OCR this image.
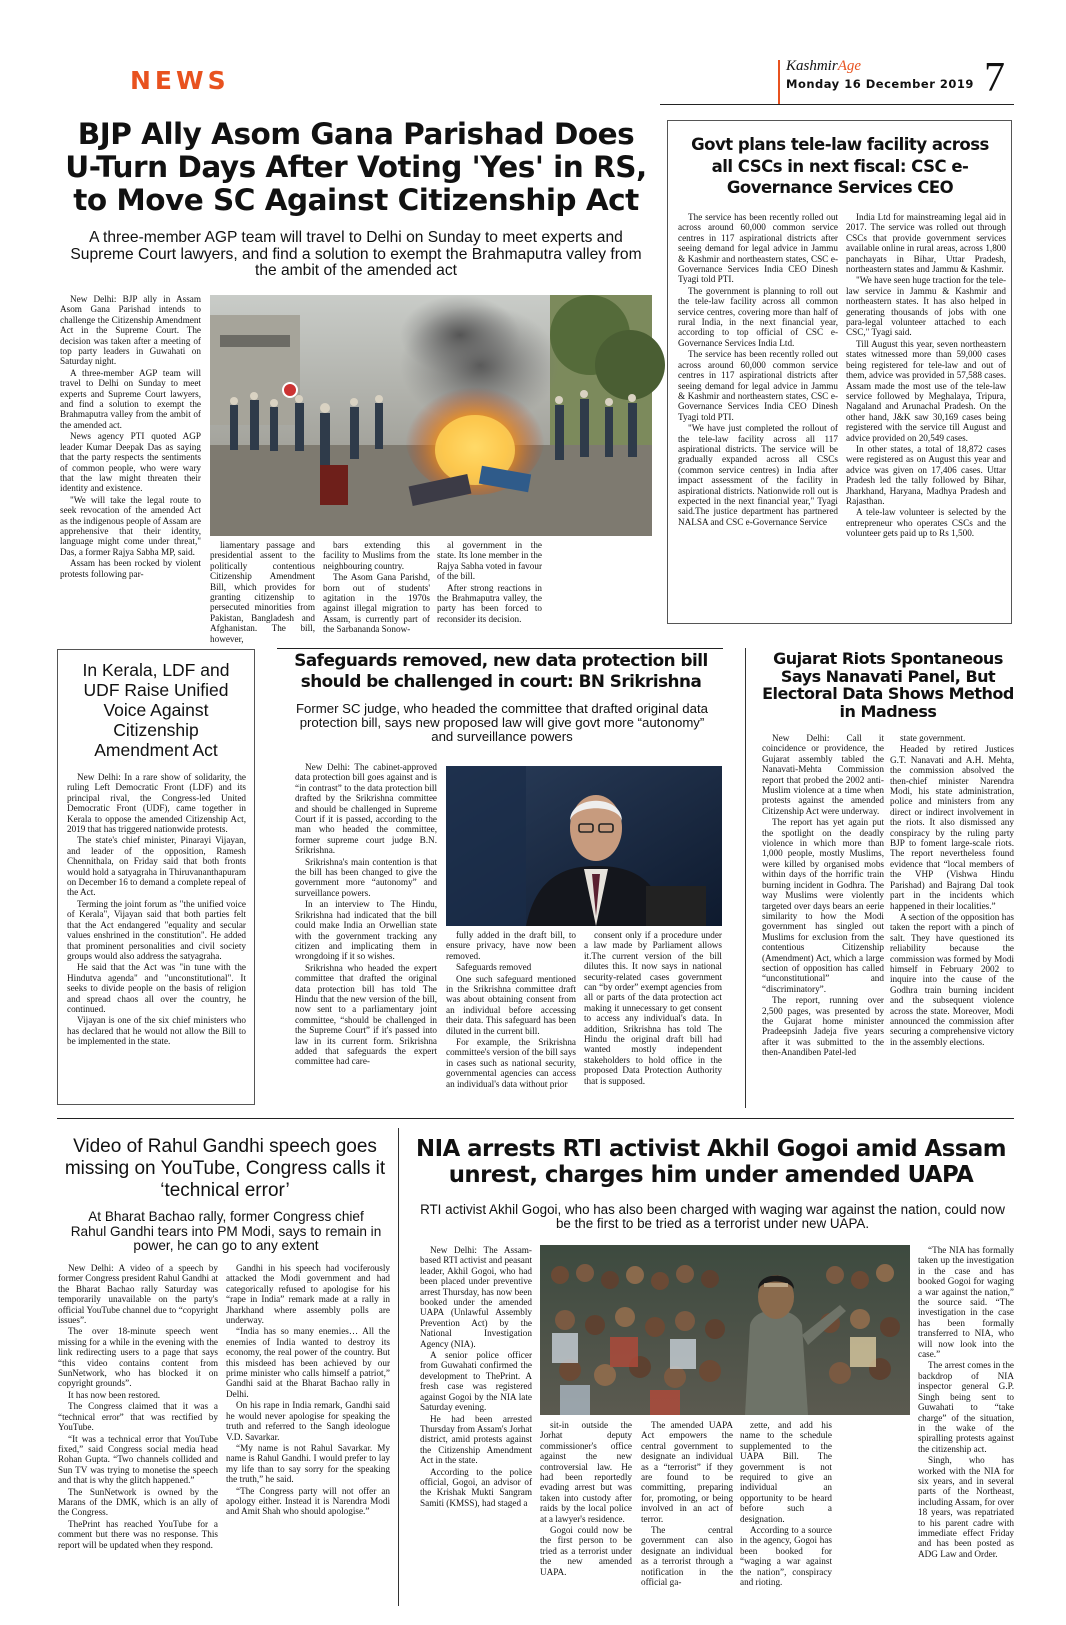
NEWS	KashmirAge
Monday 16 December 2019 7
BJP Ally Asom Gana Parishad Does U-Turn Days After Voting 'Yes' in RS, to Move SC Against Citizenship Act
A three-member AGP team will travel to Delhi on Sunday to meet experts and Supreme Court lawyers, and find a solution to exempt the Brahmaputra valley from the ambit of the amended act

New Delhi: BJP ally in Assam Asom Gana Parishad intends to challenge the Citizenship Amendment Act in the Supreme Court. The decision was taken after a meeting of top party leaders in Guwahati on Saturday night.

A three-member AGP team will travel to Delhi on Sunday to meet experts and Supreme Court lawyers, and find a solution to exempt the Brahmaputra valley from the ambit of the amended act.

News agency PTI quoted AGP leader Kumar Deepak Das as saying that the party respects the sentiments of common people, who were wary that the law might threaten their identity and existence.

"We will take the legal route to seek revocation of the amended Act as the indigenous people of Assam are apprehensive that their identity, language might come under threat," Das, a former Rajya Sabha MP, said.

Assam has been rocked by violent protests following par-

liamentary passage and presidential assent to the politically contentious Citizenship Amendment Bill, which provides for granting citizenship to persecuted minorities from Pakistan, Bangladesh and Afghanistan. The bill, however,

bars extending this facility to Muslims from the neighbouring country.

The Asom Gana Parishd, born out of students' agitation in the 1970s against illegal migration to Assam, is currently part of the Sarbananda Sonow-

al government in the state. Its lone member in the Rajya Sabha voted in favour of the bill.

After strong reactions in the Brahmaputra valley, the party has been forced to reconsider its decision.

Govt plans tele-law facility across all CSCs in next fiscal: CSC e-Governance Services CEO

The service has been recently rolled out across around 60,000 common service centres in 117 aspirational districts after seeing demand for legal advice in Jammu & Kashmir and northeastern states, CSC e-Governance Services India CEO Dinesh Tyagi told PTI.

The government is planning to roll out the tele-law facility across all common service centres, covering more than half of rural India, in the next financial year, according to top official of CSC e-Governance Services India Ltd.

The service has been recently rolled out across around 60,000 common service centres in 117 aspirational districts after seeing demand for legal advice in Jammu & Kashmir and northeastern states, CSC e-Governance Services India CEO Dinesh Tyagi told PTI.

"We have just completed the rollout of the tele-law facility across all 117 aspirational districts. The service will be gradually expanded across all CSCs (common service centres) in India after impact assessment of the facility in aspirational districts. Nationwide roll out is expected in the next financial year," Tyagi said.The justice department has partnered NALSA and CSC e-Governance Service

India Ltd for mainstreaming legal aid in 2017. The service was rolled out through CSCs that provide government services available online in rural areas, across 1,800 panchayats in Bihar, Uttar Pradesh, northeastern states and Jammu & Kashmir.

"We have seen huge traction for the tele-law service in Jammu & Kashmir and northeastern states. It has also helped in generating thousands of jobs with one para-legal volunteer attached to each CSC," Tyagi said.

Till August this year, seven northeastern states witnessed more than 59,000 cases being registered for tele-law and out of them, advice was provided in 57,588 cases. Assam made the most use of the tele-law service followed by Meghalaya, Tripura, Nagaland and Arunachal Pradesh. On the other hand, J&K saw 30,169 cases being registered with the service till August and advice provided on 20,549 cases.

In other states, a total of 18,872 cases were registered as on August this year and advice was given on 17,406 cases. Uttar Pradesh led the tally followed by Bihar, Jharkhand, Haryana, Madhya Pradesh and Rajasthan.

A tele-law volunteer is selected by the entrepreneur who operates CSCs and the volunteer gets paid up to Rs 1,500.

In Kerala, LDF and UDF Raise Unified Voice Against Citizenship Amendment Act

New Delhi: In a rare show of solidarity, the ruling Left Democratic Front (LDF) and its principal rival, the Congress-led United Democratic Front (UDF), came together in Kerala to oppose the amended Citizenship Act, 2019 that has triggered nationwide protests.

The state's chief minister, Pinarayi Vijayan, and leader of the opposition, Ramesh Chennithala, on Friday said that both fronts would hold a satyagraha in Thiruvananthapuram on December 16 to demand a complete repeal of the Act.

Terming the joint forum as "the unified voice of Kerala", Vijayan said that both parties felt that the Act endangered "equality and secular values enshrined in the constitution". He added that prominent personalities and civil society groups would also address the satyagraha.

He said that the Act was "in tune with the Hindutva agenda" and "unconstitutional". It seeks to divide people on the basis of religion and spread chaos all over the country, he continued.

Vijayan is one of the six chief ministers who has declared that he would not allow the Bill to be implemented in the state.

Safeguards removed, new data protection bill should be challenged in court: BN Srikrishna
Former SC judge, who headed the committee that drafted original data protection bill, says new proposed law will give govt more “autonomy” and surveillance powers

New Delhi: The cabinet-approved data protection bill goes against and is “in contrast” to the data protection bill drafted by the Srikrishna committee and should be challenged in Supreme Court if it is passed, according to the man who headed the committee, former supreme court judge B.N. Srikrishna.

Srikrishna's main contention is that the bill has been changed to give the government more “autonomy” and surveillance powers.

In an interview to The Hindu, Srikrishna had indicated that the bill could make India an Orwellian state with the government tracking any citizen and implicating them in wrongdoing if it so wishes.

Srikrishna who headed the expert committee that drafted the original data protection bill has told The Hindu that the new version of the bill, now sent to a parliamentary joint committee, “should be challenged in the Supreme Court” if it's passed into law in its current form. Srikrishna added that safeguards the expert committee had care-

fully added in the draft bill, to ensure privacy, have now been removed.

Safeguards removed

One such safeguard mentioned in the Srikrishna committee draft was about obtaining consent from an individual before accessing their data. This safeguard has been diluted in the current bill.

For example, the Srikrishna committee's version of the bill says in cases such as national security, governmental agencies can access an individual's data without prior

consent only if a procedure under a law made by Parliament allows it.The current version of the bill dilutes this. It now says in national security-related cases government can “by order” exempt agencies from all or parts of the data protection act making it unnecessary to get consent to access any individual's data. In addition, Srikrishna has told The Hindu the original draft bill had wanted mostly independent stakeholders to hold office in the proposed Data Protection Authority that is supposed.

Gujarat Riots Spontaneous Says Nanavati Panel, But Electoral Data Shows Method in Madness

New Delhi: Call it coincidence or providence, the Gujarat assembly tabled the Nanavati-Mehta Commission report that probed the 2002 anti-Muslim violence at a time when protests against the amended Citizenship Act were underway.

The report has yet again put the spotlight on the deadly violence in which more than 1,000 people, mostly Muslims, were killed by organised mobs within days of the horrific train burning incident in Godhra. The way Muslims were violently targeted over days bears an eerie similarity to how the Modi government has singled out Muslims for exclusion from the contentious Citizenship (Amendment) Act, which a large section of opposition has called “unconstitutional” and “discriminatory”.

The report, running over 2,500 pages, was presented by the Gujarat home minister Pradeepsinh Jadeja five years after it was submitted to the then-Anandiben Patel-led

state government.

Headed by retired Justices G.T. Nanavati and A.H. Mehta, the commission absolved the then-chief minister Narendra Modi, his state administration, police and ministers from any direct or indirect involvement in the riots. It also dismissed any conspiracy by the ruling party BJP to foment large-scale riots. The report nevertheless found evidence that “local members of the VHP (Vishwa Hindu Parishad) and Bajrang Dal took part in the incidents which happened in their localities.”

A section of the opposition has taken the report with a pinch of salt. They have questioned its reliability because the commission was formed by Modi himself in February 2002 to inquire into the cause of the Godhra train burning incident and the subsequent violence across the state. Moreover, Modi announced the commission after securing a comprehensive victory in the assembly elections.

Video of Rahul Gandhi speech goes missing on YouTube, Congress calls it ‘technical error’
At Bharat Bachao rally, former Congress chief Rahul Gandhi tears into PM Modi, says to remain in power, he can go to any extent

New Delhi: A video of a speech by former Congress president Rahul Gandhi at the Bharat Bachao rally Saturday was temporarily unavailable on the party's official YouTube channel due to “copyright issues”.

The over 18-minute speech went missing for a while in the evening with the link redirecting users to a page that says “this video contains content from SunNetwork, who has blocked it on copyright grounds”.

It has now been restored.

The Congress claimed that it was a “technical error” that was rectified by YouTube.

“It was a technical error that YouTube fixed,” said Congress social media head Rohan Gupta. “Two channels collided and Sun TV was trying to monetise the speech and that is why the glitch happened.”

The SunNetwork is owned by the Marans of the DMK, which is an ally of the Congress.

ThePrint has reached YouTube for a comment but there was no response. This report will be updated when they respond.

Gandhi in his speech had vociferously attacked the Modi government and had categorically refused to apologise for his “rape in India” remark made at a rally in Jharkhand where assembly polls are underway.

“India has so many enemies… All the enemies of India wanted to destroy its economy, the real power of the country. But this misdeed has been achieved by our prime minister who calls himself a patriot,” Gandhi said at the Bharat Bachao rally in Delhi.

On his rape in India remark, Gandhi said he would never apologise for speaking the truth and referred to the Sangh ideologue V.D. Savarkar.

“My name is not Rahul Savarkar. My name is Rahul Gandhi. I would prefer to lay my life than to say sorry for the speaking the truth,” he said.

“The Congress party will not offer an apology either. Instead it is Narendra Modi and Amit Shah who should apologise.”

NIA arrests RTI activist Akhil Gogoi amid Assam unrest, charges him under amended UAPA
RTI activist Akhil Gogoi, who has also been charged with waging war against the nation, could now be the first to be tried as a terrorist under new UAPA.

New Delhi: The Assam-based RTI activist and peasant leader, Akhil Gogoi, who had been placed under preventive arrest Thursday, has now been booked under the amended UAPA (Unlawful Assembly Prevention Act) by the National Investigation Agency (NIA).

A senior police officer from Guwahati confirmed the development to ThePrint. A fresh case was registered against Gogoi by the NIA late Saturday evening.

He had been arrested Thursday from Assam's Jorhat district, amid protests against the Citizenship Amendment Act in the state.

According to the police official, Gogoi, an advisor of the Krishak Mukti Sangram Samiti (KMSS), had staged a

sit-in outside the Jorhat deputy commissioner's office against the new controversial law. He had been reportedly evading arrest but was taken into custody after raids by the local police at a lawyer's residence.

Gogoi could now be the first person to be tried as a terrorist under the new amended UAPA.

The amended UAPA Act empowers the central government to designate an individual as a “terrorist” if they are found to be committing, preparing for, promoting, or being involved in an act of terror.

The central government can also designate an individual as a terrorist through a notification in the official ga-

zette, and add his name to the schedule supplemented to the UAPA Bill. The government is not required to give an individual an opportunity to be heard before such a designation.

According to a source in the agency, Gogoi has been booked for “waging a war against the nation”, conspiracy and rioting.

“The NIA has formally taken up the investigation in the case and has booked Gogoi for waging a war against the nation,” the source said. “The investigation in the case has been formally transferred to NIA, who will now look into the case.”

The arrest comes in the backdrop of NIA inspector general G.P. Singh being sent to Guwahati to “take charge” of the situation, in the wake of the spiralling protests against the citizenship act.

Singh, who has worked with the NIA for six years, and in several parts of the Northeast, including Assam, for over 18 years, was repatriated to his parent cadre with immediate effect Friday and has been posted as ADG Law and Order.
